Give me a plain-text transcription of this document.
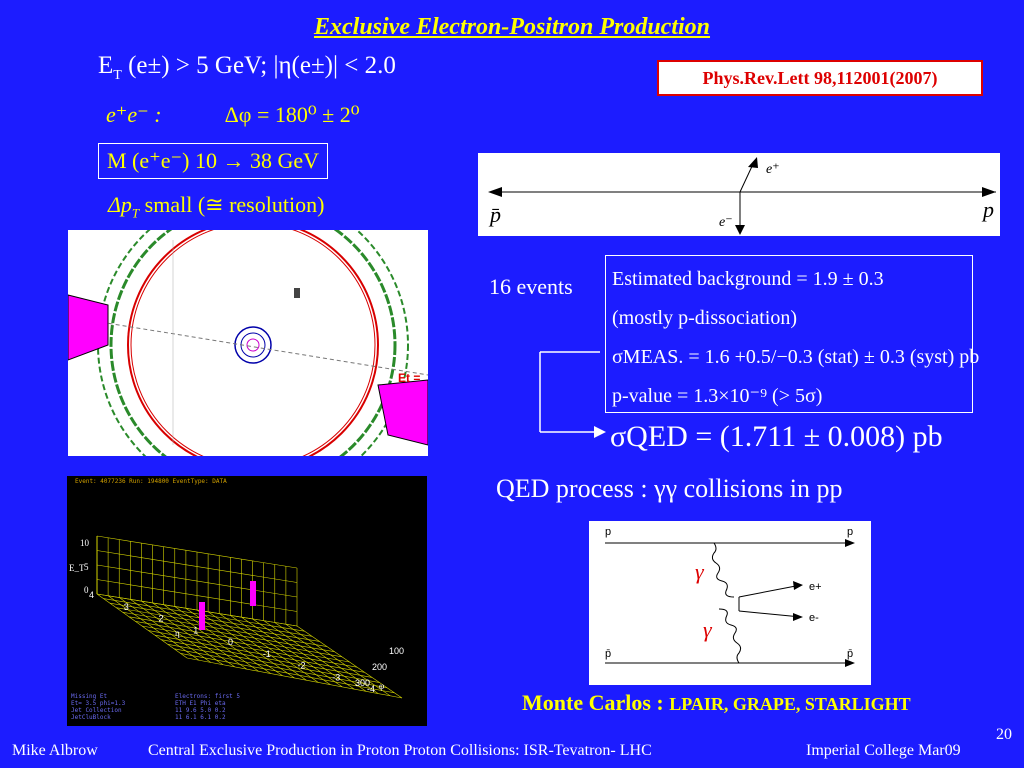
Exclusive Electron-Positron Production
$E_T$ (e±) > 5 GeV; |η(e±)| < 2.0	Phys.Rev.Lett 98,112001(2007)
e⁺e⁻ :	Δφ = 180⁰ ± 2⁰
M (e⁺e⁻) 10 → 38 GeV
$\Delta p_T$ small (≅ resolution)
Et =
Event: 4077236 Run: 194800 EventType: DATA
10
5
0
E_T
4
3
2
1
0
-1
-2
-3
-4
100
200
300
η
φ
Missing Et
Et= 3.5 phi=1.3
Jet Collection
JetCluBlock
Electrons: first 5
ETH E1 Phi eta
11 9.6 5.0 0.2
11 6.1 6.1 0.2
p̄	p
e⁺
e⁻
16 events Estimated background = 1.9 ± 0.3
(mostly p-dissociation)
σMEAS. = 1.6 +0.5/−0.3 (stat) ± 0.3 (syst) pb
p-value = 1.3×10⁻⁹ (> 5σ)
σQED = (1.711 ± 0.008) pb
QED process : γγ collisions in pp
p	p
p̄	p̄
γ
γ
e+
e-
Monte Carlos : LPAIR, GRAPE, STARLIGHT
20
Mike Albrow	Central Exclusive Production in Proton Proton Collisions: ISR-Tevatron- LHC	Imperial College Mar09
